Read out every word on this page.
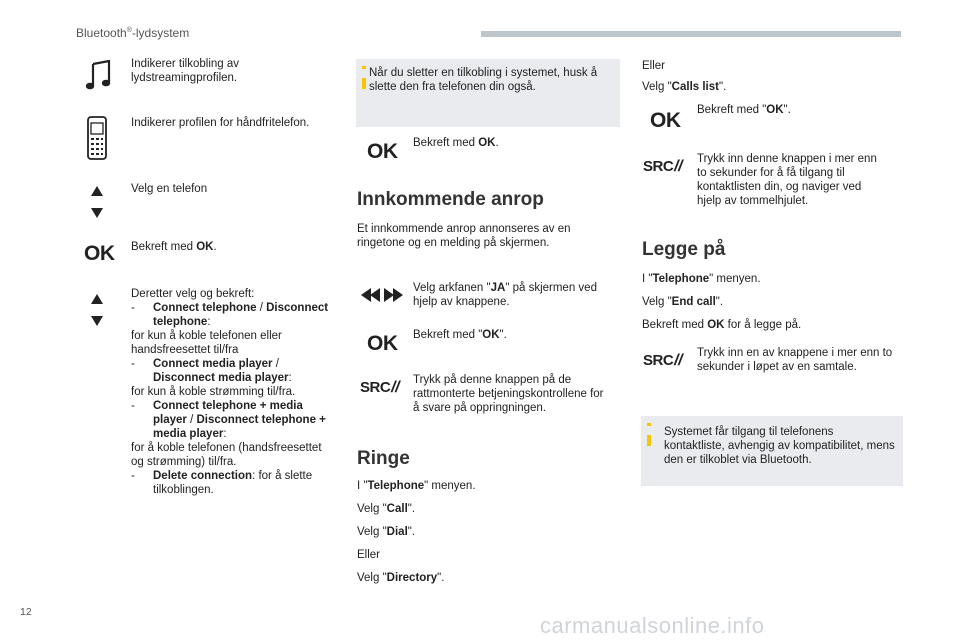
Bluetooth®-lydsystem
Indikerer tilkobling av lydstreamingprofilen.
Indikerer profilen for håndfritelefon.
Velg en telefon
OK Bekreft med OK.
Deretter velg og bekreft:
- Connect telephone / Disconnect telephone:
for kun å koble telefonen eller handsfreesettet til/fra
- Connect media player / Disconnect media player:
for kun å koble strømming til/fra.
- Connect telephone + media player / Disconnect telephone + media player:
for å koble telefonen (handsfreesettet og strømming) til/fra.
- Delete connection: for å slette tilkoblingen.
Når du sletter en tilkobling i systemet, husk å slette den fra telefonen din også.
OK Bekreft med OK.
Innkommende anrop
Et innkommende anrop annonseres av en ringetone og en melding på skjermen.
Velg arkfanen "JA" på skjermen ved hjelp av knappene.
OK Bekreft med "OK".
SRC// Trykk på denne knappen på de rattmonterte betjeningskontrollene for å svare på oppringningen.
Ringe
I "Telephone" menyen.
Velg "Call".
Velg "Dial".
Eller
Velg "Directory".
Eller
Velg "Calls list".
OK Bekreft med "OK".
SRC// Trykk inn denne knappen i mer enn to sekunder for å få tilgang til kontaktlisten din, og naviger ved hjelp av tommelhjulet.
Legge på
I "Telephone" menyen.
Velg "End call".
Bekreft med OK for å legge på.
SRC// Trykk inn en av knappene i mer enn to sekunder i løpet av en samtale.
Systemet får tilgang til telefonens kontaktliste, avhengig av kompatibilitet, mens den er tilkoblet via Bluetooth.
12
carmanualsonline.info
